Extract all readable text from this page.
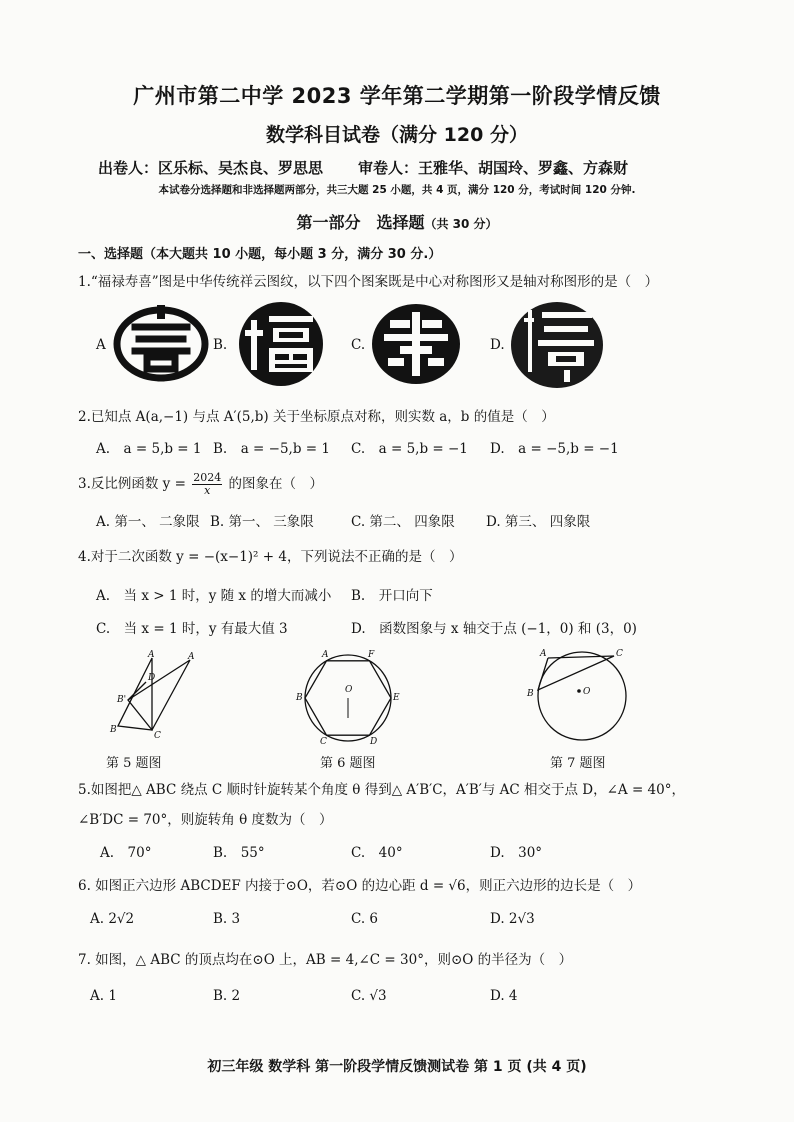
广州市第二中学 2023 学年第二学期第一阶段学情反馈
数学科目试卷（满分 120 分）
出卷人：区乐标、吴杰良、罗思思 审卷人：王雅华、胡国玲、罗鑫、方森财
本试卷分选择题和非选择题两部分，共三大题 25 小题，共 4 页，满分 120 分，考试时间 120 分钟.
第一部分　选择题（共 30 分）
一、选择题（本大题共 10 小题，每小题 3 分，满分 30 分.）
1.“福禄寿喜”图是中华传统祥云图纹，以下四个图案既是中心对称图形又是轴对称图形的是（　）
A	B.	C.	D.
2.已知点 A(a,−1) 与点 A′(5,b) 关于坐标原点对称，则实数 a，b 的值是（　）
A.　a = 5,b = 1 B.　a = −5,b = 1 C.　a = 5,b = −1 D.　a = −5,b = −1
3.反比例函数 $y = \frac{2024}{x}$ 的图象在（　）
A. 第一、 二象限 B. 第一、 三象限	C. 第二、 四象限 D. 第三、 四象限
4.对于二次函数 y = −(x−1)² + 4，下列说法不正确的是（　）
A.　当 x > 1 时，y 随 x 的增大而减小 B.　开口向下
C.　当 x = 1 时，y 有最大值 3	D.　函数图象与 x 轴交于点 (−1，0) 和 (3，0)
A	A
D
B'
B
C
A	F
O
B	E
C	D
A	C
B	O
第 5 题图	第 6 题图	第 7 题图
5.如图把△ ABC 绕点 C 顺时针旋转某个角度 θ 得到△ A′B′C，A′B′与 AC 相交于点 D，∠A = 40°，
∠B′DC = 70°，则旋转角 θ 度数为（　）
A.　70°	B.　55°	C.　40°	D.　30°
6. 如图正六边形 ABCDEF 内接于⊙O，若⊙O 的边心距 d = √6，则正六边形的边长是（　）
A. 2√2	B. 3	C. 6	D. 2√3
7. 如图，△ ABC 的顶点均在⊙O 上，AB = 4,∠C = 30°，则⊙O 的半径为（　）
A. 1	B. 2	C. √3	D. 4
初三年级 数学科 第一阶段学情反馈测试卷 第 1 页 (共 4 页)
